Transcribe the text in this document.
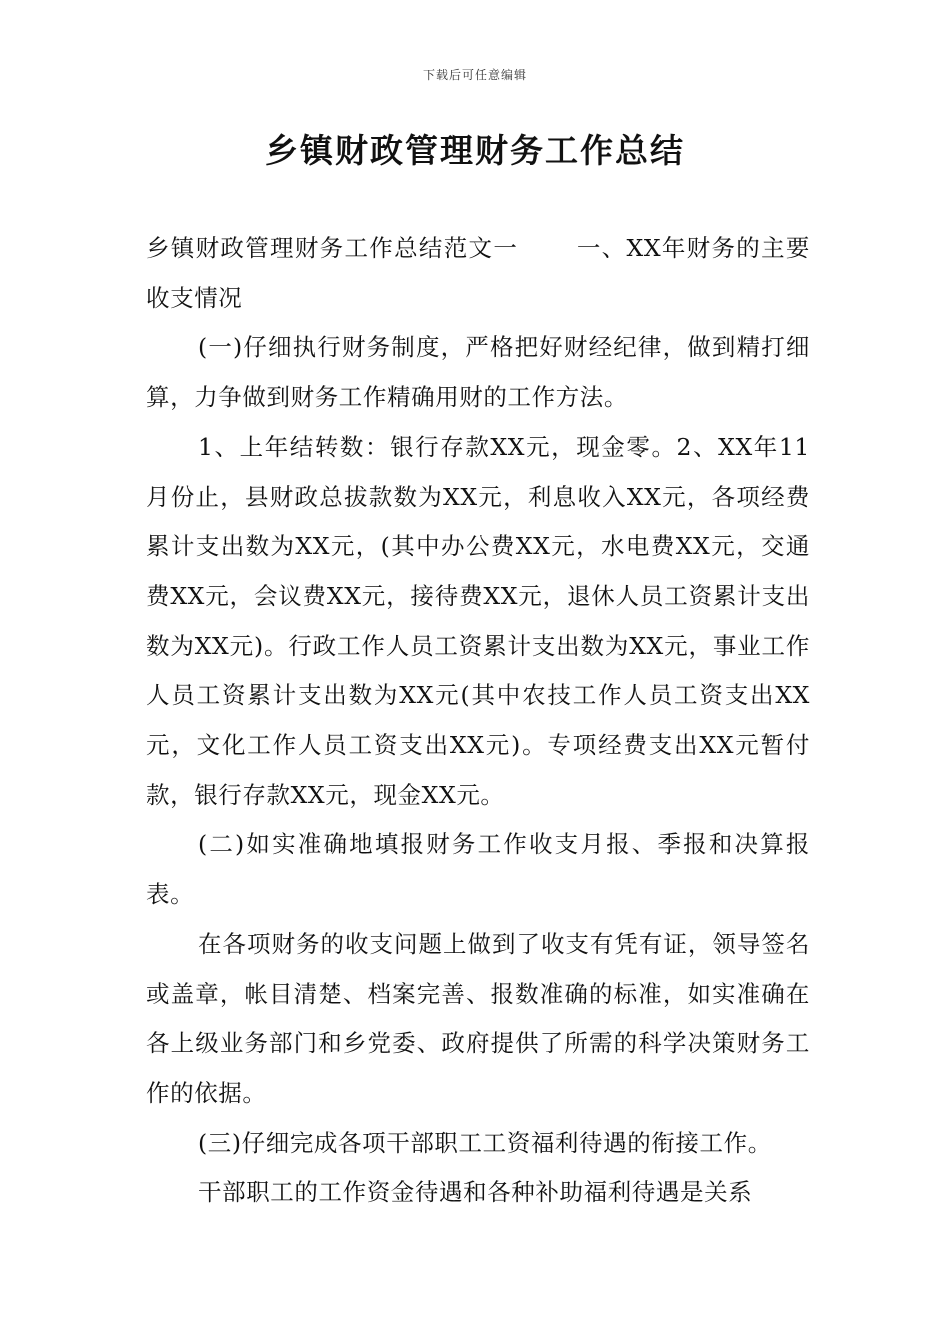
下载后可任意编辑
乡镇财政管理财务工作总结

乡镇财政管理财务工作总结范文一 一、XX年财务的主要收支情况

(一)仔细执行财务制度，严格把好财经纪律，做到精打细算，力争做到财务工作精确用财的工作方法。

1、上年结转数：银行存款XX元，现金零。2、XX年11月份止，县财政总拔款数为XX元，利息收入XX元，各项经费累计支出数为XX元，(其中办公费XX元，水电费XX元，交通费XX元，会议费XX元，接待费XX元，退休人员工资累计支出数为XX元)。行政工作人员工资累计支出数为XX元，事业工作人员工资累计支出数为XX元(其中农技工作人员工资支出XX元，文化工作人员工资支出XX元)。专项经费支出XX元暂付款，银行存款XX元，现金XX元。

(二)如实准确地填报财务工作收支月报、季报和决算报表。

在各项财务的收支问题上做到了收支有凭有证，领导签名或盖章，帐目清楚、档案完善、报数准确的标准，如实准确在各上级业务部门和乡党委、政府提供了所需的科学决策财务工作的依据。

(三)仔细完成各项干部职工工资福利待遇的衔接工作。

干部职工的工作资金待遇和各种补助福利待遇是关系
